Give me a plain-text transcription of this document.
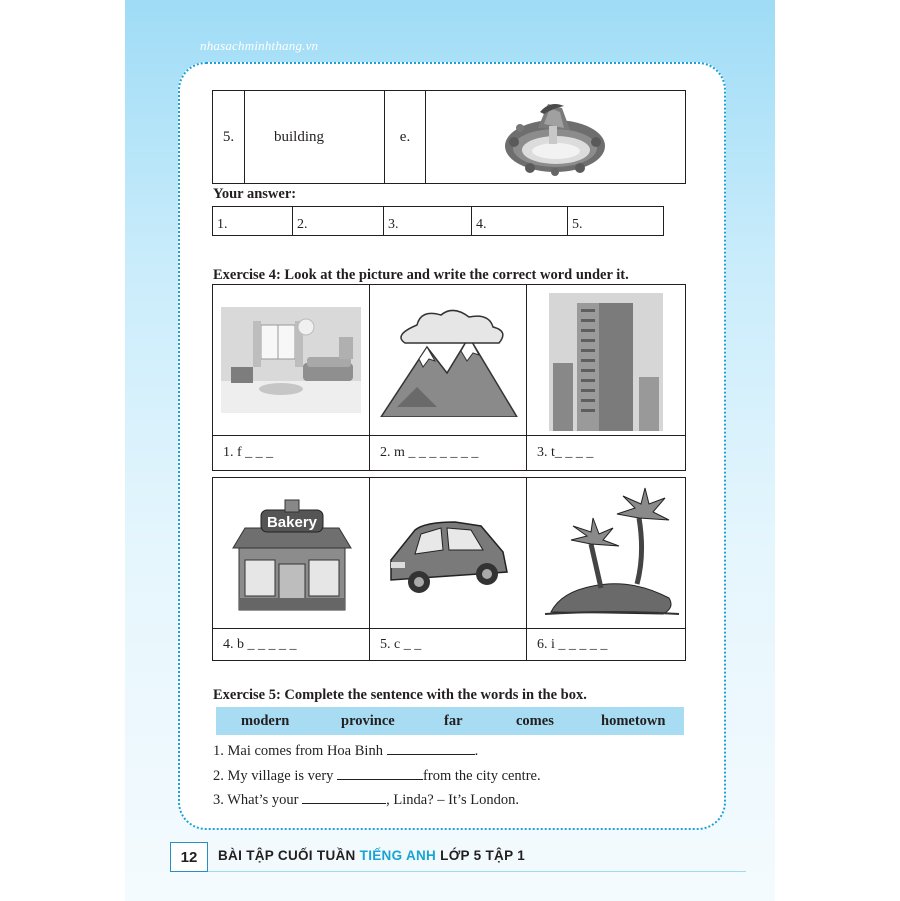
nhasachminhthang.vn
5.	building	e.
Your answer:
1.	2.	3.	4.	5.
Exercise 4: Look at the picture and write the correct word under it.
1. f _ _ _	2. m _ _ _ _ _ _ _	3. t_ _ _ _
Bakery
4. b _ _ _ _ _	5. c _ _	6. i _ _ _ _ _
Exercise 5: Complete the sentence with the words in the box.
modern	province	far	comes	hometown
1. Mai comes from Hoa Binh	.
2. My village is very	from the city centre.
3. What’s your	, Linda? – It’s London.
12	BÀI TẬP CUỐI TUẦN TIẾNG ANH LỚP 5 TẬP 1
